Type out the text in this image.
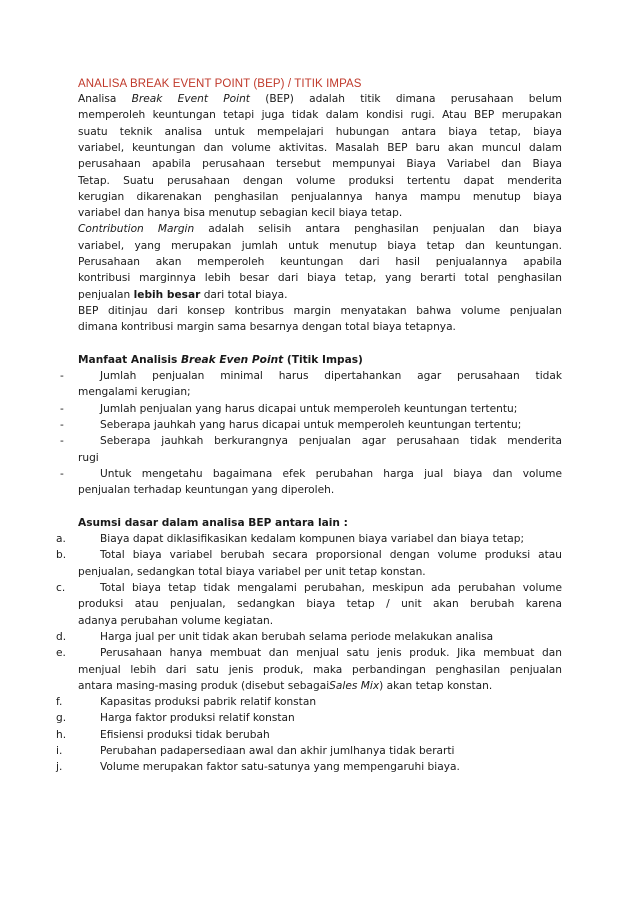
ANALISA BREAK EVENT POINT (BEP) / TITIK IMPAS
Analisa Break Event Point (BEP) adalah titik dimana perusahaan belum
memperoleh keuntungan tetapi juga tidak dalam kondisi rugi. Atau BEP merupakan
suatu teknik analisa untuk mempelajari hubungan antara biaya tetap, biaya
variabel, keuntungan dan volume aktivitas. Masalah BEP baru akan muncul dalam
perusahaan apabila perusahaan tersebut mempunyai Biaya Variabel dan Biaya
Tetap. Suatu perusahaan dengan volume produksi tertentu dapat menderita
kerugian dikarenakan penghasilan penjualannya hanya mampu menutup biaya
variabel dan hanya bisa menutup sebagian kecil biaya tetap.
Contribution Margin adalah selisih antara penghasilan penjualan dan biaya
variabel, yang merupakan jumlah untuk menutup biaya tetap dan keuntungan.
Perusahaan akan memperoleh keuntungan dari hasil penjualannya apabila
kontribusi marginnya lebih besar dari biaya tetap, yang berarti total penghasilan
penjualan lebih besar dari total biaya.
BEP ditinjau dari konsep kontribus margin menyatakan bahwa volume penjualan
dimana kontribusi margin sama besarnya dengan total biaya tetapnya.
Manfaat Analisis Break Even Point (Titik Impas)
-	Jumlah penjualan minimal harus dipertahankan agar perusahaan tidak
mengalami kerugian;
-	Jumlah penjualan yang harus dicapai untuk memperoleh keuntungan tertentu;
-	Seberapa jauhkah yang harus dicapai untuk memperoleh keuntungan tertentu;
-	Seberapa jauhkah berkurangnya penjualan agar perusahaan tidak menderita
rugi
-	Untuk mengetahu bagaimana efek perubahan harga jual biaya dan volume
penjualan terhadap keuntungan yang diperoleh.
Asumsi dasar dalam analisa BEP antara lain :
a.	Biaya dapat diklasifikasikan kedalam kompunen biaya variabel dan biaya tetap;
b.	Total biaya variabel berubah secara proporsional dengan volume produksi atau
penjualan, sedangkan total biaya variabel per unit tetap konstan.
c.	Total biaya tetap tidak mengalami perubahan, meskipun ada perubahan volume
produksi atau penjualan, sedangkan biaya tetap / unit akan berubah karena
adanya perubahan volume kegiatan.
d.	Harga jual per unit tidak akan berubah selama periode melakukan analisa
e.	Perusahaan hanya membuat dan menjual satu jenis produk. Jika membuat dan
menjual lebih dari satu jenis produk, maka perbandingan penghasilan penjualan
antara masing-masing produk (disebut sebagaiSales Mix) akan tetap konstan.
f.	Kapasitas produksi pabrik relatif konstan
g.	Harga faktor produksi relatif konstan
h.	Efisiensi produksi tidak berubah
i.	Perubahan padapersediaan awal dan akhir jumlhanya tidak berarti
j.	Volume merupakan faktor satu-satunya yang mempengaruhi biaya.
